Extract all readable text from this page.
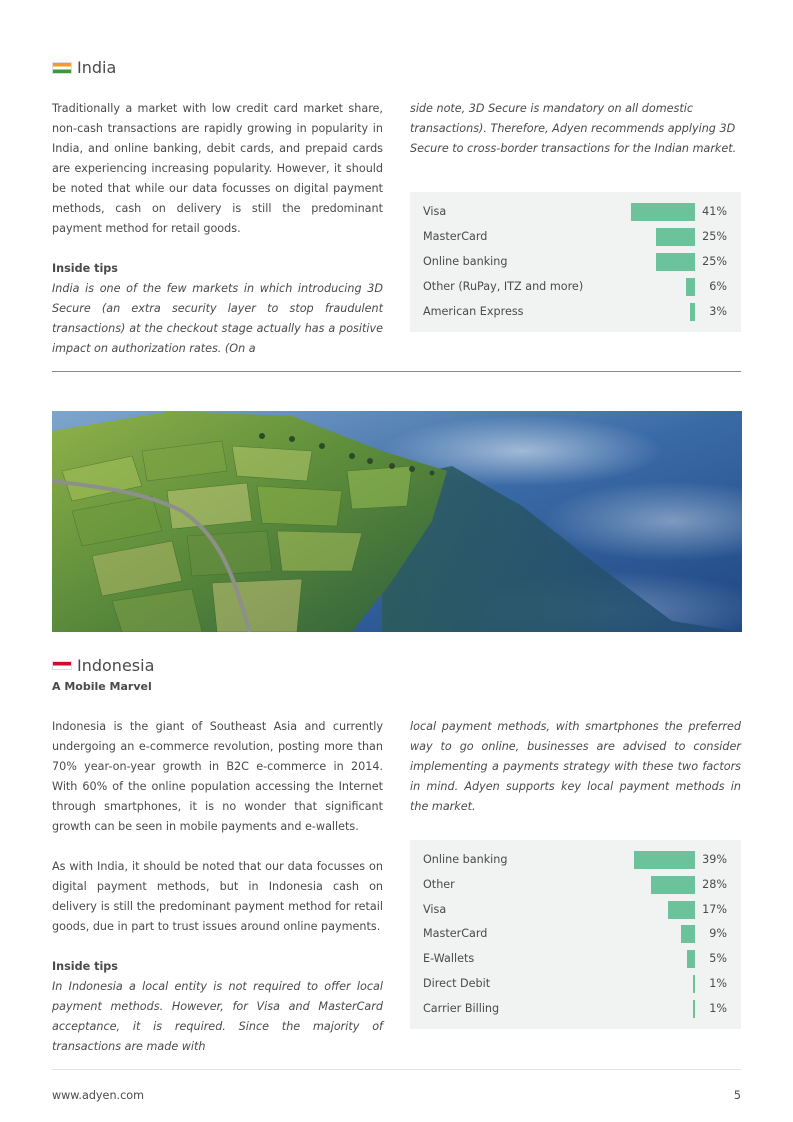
India

Traditionally a market with low credit card market share, non-cash transactions are rapidly growing in popularity in India, and online banking, debit cards, and prepaid cards are experiencing increasing popularity. However, it should be noted that while our data focusses on digital payment methods, cash on delivery is still the predominant payment method for retail goods.

Inside tips

India is one of the few markets in which introducing 3D Secure (an extra security layer to stop fraudulent transactions) at the checkout stage actually has a positive impact on authorization rates. (On a

side note, 3D Secure is mandatory on all domestic transactions). Therefore, Adyen recommends applying 3D Secure to cross-border transactions for the Indian market.

Visa	41%
MasterCard	25%
Online banking	25%
Other (RuPay, ITZ and more)	6%
American Express	3%
Indonesia
A Mobile Marvel

Indonesia is the giant of Southeast Asia and currently undergoing an e-commerce revolution, posting more than 70% year-on-year growth in B2C e-commerce in 2014. With 60% of the online population accessing the Internet through smartphones, it is no wonder that significant growth can be seen in mobile payments and e-wallets.

As with India, it should be noted that our data focusses on digital payment methods, but in Indonesia cash on delivery is still the predominant payment method for retail goods, due in part to trust issues around online payments.

Inside tips

In Indonesia a local entity is not required to offer local payment methods. However, for Visa and MasterCard acceptance, it is required. Since the majority of transactions are made with

local payment methods, with smartphones the preferred way to go online, businesses are advised to consider implementing a payments strategy with these two factors in mind. Adyen supports key local payment methods in the market.

Online banking	39%
Other	28%
Visa	17%
MasterCard	9%
E-Wallets	5%
Direct Debit	1%
Carrier Billing	1%
www.adyen.com	5
